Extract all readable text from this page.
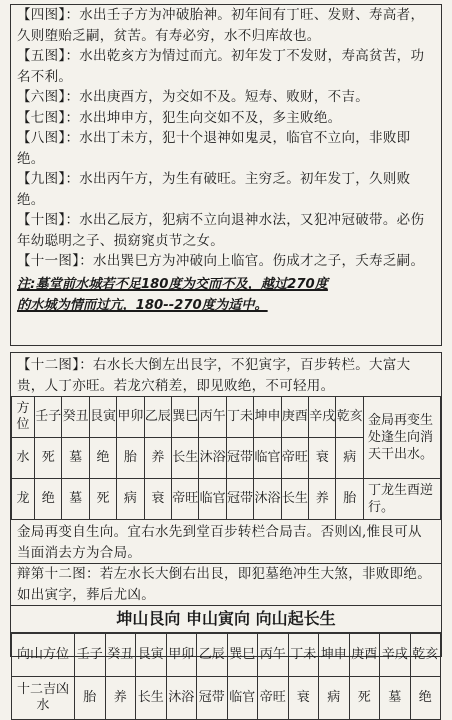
【四图】：水出壬子方为冲破胎神。初年间有丁旺、发财、寿高者，久则堕贻乏嗣，贫苦。有寿必穷，水不归库故也。

【五图】：水出乾亥方为情过而亢。初年发丁不发财，寿高贫苦，功名不利。

【六图】：水出庚酉方，为交如不及。短寿、败财，不吉。

【七图】：水出坤申方，犯生向交如不及，多主败绝。

【八图】：水出丁未方，犯十个退神如鬼灵，临官不立向，非败即绝。

【九图】：水出丙午方，为生有破旺。主穷乏。初年发丁，久则败绝。

【十图】：水出乙辰方，犯病不立向退神水法，又犯冲冠破带。必伤年幼聪明之子、损窈窕贞节之女。

【十一图】：水出巽巳方为冲破向上临官。伤成才之子，夭寿乏嗣。

注:墓堂前水城若不足180度为交而不及，越过270度
的水城为情而过亢，180--270度为适中。

【十二图】：右水长大倒左出艮字，不犯寅字，百步转栏。大富大贵，人丁亦旺。若龙穴稍差，即见败绝，不可轻用。

方位	壬子	癸丑	艮寅	甲卯	乙辰	巽巳	丙午	丁未	坤申	庚酉	辛戌	乾亥	金局再变生处逢生向消天干出水。
水	死	墓	绝	胎	养	长生	沐浴	冠带	临官	帝旺	衰	病	
龙	绝	墓	死	病	衰	帝旺	临官	冠带	沐浴	长生	养	胎	丁龙生酉逆行。

金局再变自生向。宜右水先到堂百步转栏合局吉。否则凶,惟艮可从当面消去方为合局。

辩第十二图：若左水长大倒右出艮，即犯墓绝冲生大煞，非败即绝。如出寅字，葬后尤凶。

坤山艮向 申山寅向 向山起长生
向山方位	壬子	癸丑	艮寅	甲卯	乙辰	巽巳	丙午	丁未	坤申	庚酉	辛戌	乾亥
十二吉凶水	胎	养	长生	沐浴	冠带	临官	帝旺	衰	病	死	墓	绝
